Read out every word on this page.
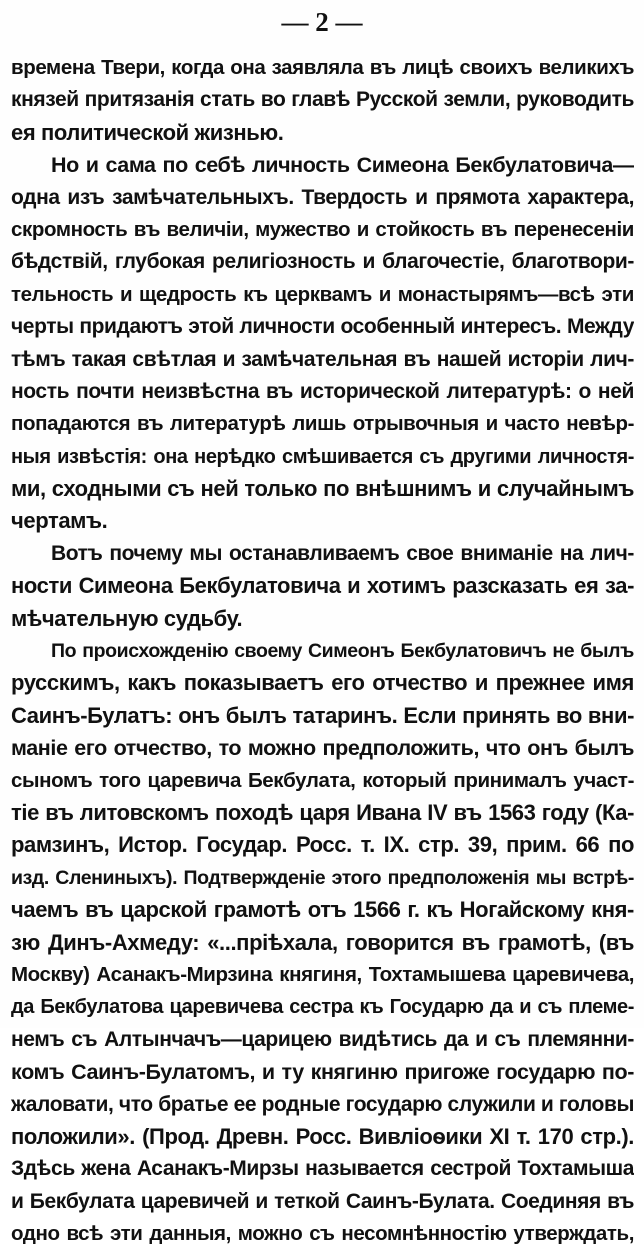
— 2 —
времена Твери, когда она заявляла въ лицѣ своихъ великихъ
князей притязанія стать во главѣ Русской земли, руководить
ея политической жизнью.
Но и сама по себѣ личность Симеона Бекбулатовича—
одна изъ замѣчательныхъ. Твердость и прямота характера,
скромность въ величіи, мужество и стойкость въ перенесеніи
бѣдствій, глубокая религіозность и благочестіе, благотвори-
тельность и щедрость къ церквамъ и монастырямъ—всѣ эти
черты придаютъ этой личности особенный интересъ. Между
тѣмъ такая свѣтлая и замѣчательная въ нашей исторіи лич-
ность почти неизвѣстна въ исторической литературѣ: о ней
попадаются въ литературѣ лишь отрывочныя и часто невѣр-
ныя извѣстія: она нерѣдко смѣшивается съ другими личностя-
ми, сходными съ ней только по внѣшнимъ и случайнымъ
чертамъ.
Вотъ почему мы останавливаемъ свое вниманіе на лич-
ности Симеона Бекбулатовича и хотимъ разсказать ея за-
мѣчательную судьбу.
По происхожденію своему Симеонъ Бекбулатовичъ не былъ
русскимъ, какъ показываетъ его отчество и прежнее имя
Саинъ-Булатъ: онъ былъ татаринъ. Если принять во вни-
маніе его отчество, то можно предположить, что онъ былъ
сыномъ того царевича Бекбулата, который принималъ участ-
тіе въ литовскомъ походѣ царя Ивана IV въ 1563 году (Ка-
рамзинъ, Истор. Государ. Росс. т. IX. стр. 39, прим. 66 по
изд. Слениныхъ). Подтвержденіе этого предположенія мы встрѣ-
чаемъ въ царской грамотѣ отъ 1566 г. къ Ногайскому кня-
зю Динъ-Ахмеду: «...пріѣхала, говорится въ грамотѣ, (въ
Москву) Асанакъ-Мирзина княгиня, Тохтамышева царевичева,
да Бекбулатова царевичева сестра къ Государю да и съ племе-
немъ съ Алтынчачъ—царицею видѣтись да и съ племянни-
комъ Саинъ-Булатомъ, и ту княгиню пригоже государю по-
жаловати, что братье ее родные государю служили и головы
положили». (Прод. Древн. Росс. Вивліоѳики XI т. 170 стр.).
Здѣсь жена Асанакъ-Мирзы называется сестрой Тохтамыша
и Бекбулата царевичей и теткой Саинъ-Булата. Соединяя въ
одно всѣ эти данныя, можно съ несомнѣнностію утверждать,
